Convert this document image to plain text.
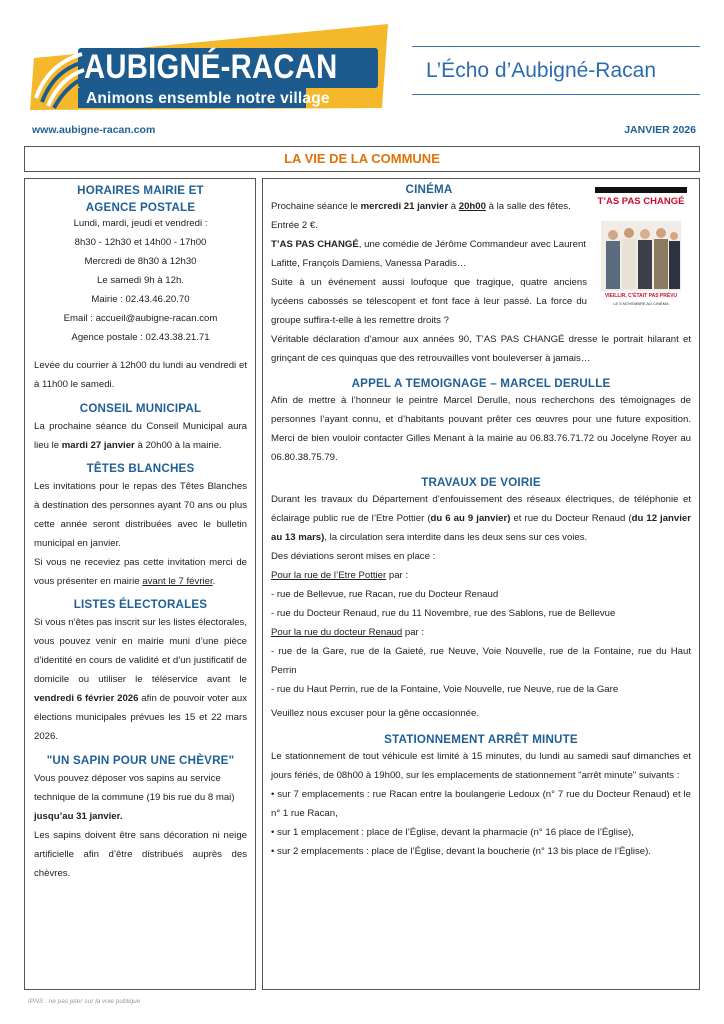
AUBIGNÉ-RACAN
Animons ensemble notre village
L’Écho d’Aubigné-Racan
www.aubigne-racan.com	JANVIER 2026
LA VIE DE LA COMMUNE
HORAIRES MAIRIE ET
AGENCE POSTALE
Lundi, mardi, jeudi et vendredi :
8h30 - 12h30 et 14h00 - 17h00
Mercredi de 8h30 à 12h30
Le samedi 9h à 12h.
Mairie : 02.43.46.20.70
Email : accueil@aubigne-racan.com
Agence postale : 02.43.38.21.71

Levée du courrier à 12h00 du lundi au vendredi et à 11h00 le samedi.

CONSEIL MUNICIPAL

La prochaine séance du Conseil Municipal aura lieu le mardi 27 janvier à 20h00 à la mairie.

TÊTES BLANCHES

Les invitations pour le repas des Têtes Blanches à destination des personnes ayant 70 ans ou plus cette année seront distribuées avec le bulletin municipal en janvier.

Si vous ne receviez pas cette invitation merci de vous présenter en mairie avant le 7 février.

LISTES ÉLECTORALES

Si vous n’êtes pas inscrit sur les listes électorales, vous pouvez venir en mairie muni d’une pièce d’identité en cours de validité et d’un justificatif de domicile ou utiliser le téléservice avant le vendredi 6 février 2026 afin de pouvoir voter aux élections municipales prévues les 15 et 22 mars 2026.

"UN SAPIN POUR UNE CHÈVRE"

Vous pouvez déposer vos sapins au service technique de la commune (19 bis rue du 8 mai) jusqu’au 31 janvier.

Les sapins doivent être sans décoration ni neige artificielle afin d’être distribués auprès des chèvres.

T’AS PAS CHANGÉ
VIEILLIR, C’ÉTAIT PAS PRÉVU
LE 5 NOVEMBRE AU CINÉMA
CINÉMA

Prochaine séance le mercredi 21 janvier à 20h00 à la salle des fêtes. Entrée 2 €.
T’AS PAS CHANGÉ, une comédie de Jérôme Commandeur avec Laurent Lafitte, François Damiens, Vanessa Paradis…

Suite à un événement aussi loufoque que tragique, quatre anciens lycéens cabossés se télescopent et font face à leur passé. La force du groupe suffira-t-elle à les remettre droits ?

Véritable déclaration d’amour aux années 90, T’AS PAS CHANGÉ dresse le portrait hilarant et grinçant de ces quinquas que des retrouvailles vont bouleverser à jamais…

APPEL A TEMOIGNAGE – MARCEL DERULLE

Afin de mettre à l’honneur le peintre Marcel Derulle, nous recherchons des témoignages de personnes l’ayant connu, et d’habitants pouvant prêter ces œuvres pour une future exposition. Merci de bien vouloir contacter Gilles Menant à la mairie au 06.83.76.71.72 ou Jocelyne Royer au 06.80.38.75.79.

TRAVAUX DE VOIRIE

Durant les travaux du Département d’enfouissement des réseaux électriques, de téléphonie et éclairage public rue de l’Etre Pottier (du 6 au 9 janvier) et rue du Docteur Renaud (du 12 janvier au 13 mars), la circulation sera interdite dans les deux sens sur ces voies.

Des déviations seront mises en place :
Pour la rue de l’Etre Pottier par :
- rue de Bellevue, rue Racan, rue du Docteur Renaud
- rue du Docteur Renaud, rue du 11 Novembre, rue des Sablons, rue de Bellevue
Pour la rue du docteur Renaud par :

- rue de la Gare, rue de la Gaieté, rue Neuve, Voie Nouvelle, rue de la Fontaine, rue du Haut Perrin

- rue du Haut Perrin, rue de la Fontaine, Voie Nouvelle, rue Neuve, rue de la Gare
Veuillez nous excuser pour la gêne occasionnée.
STATIONNEMENT ARRÊT MINUTE

Le stationnement de tout véhicule est limité à 15 minutes, du lundi au samedi sauf dimanches et jours fériés, de 08h00 à 19h00, sur les emplacements de stationnement "arrêt minute" suivants :

• sur 7 emplacements : rue Racan entre la boulangerie Ledoux (n° 7 rue du Docteur Renaud) et le n° 1 rue Racan,

• sur 1 emplacement : place de l’Église, devant la pharmacie (n° 16 place de l’Église),

• sur 2 emplacements : place de l’Église, devant la boucherie (n° 13 bis place de l’Église).

IPNS : ne pas jeter sur la voie publique
